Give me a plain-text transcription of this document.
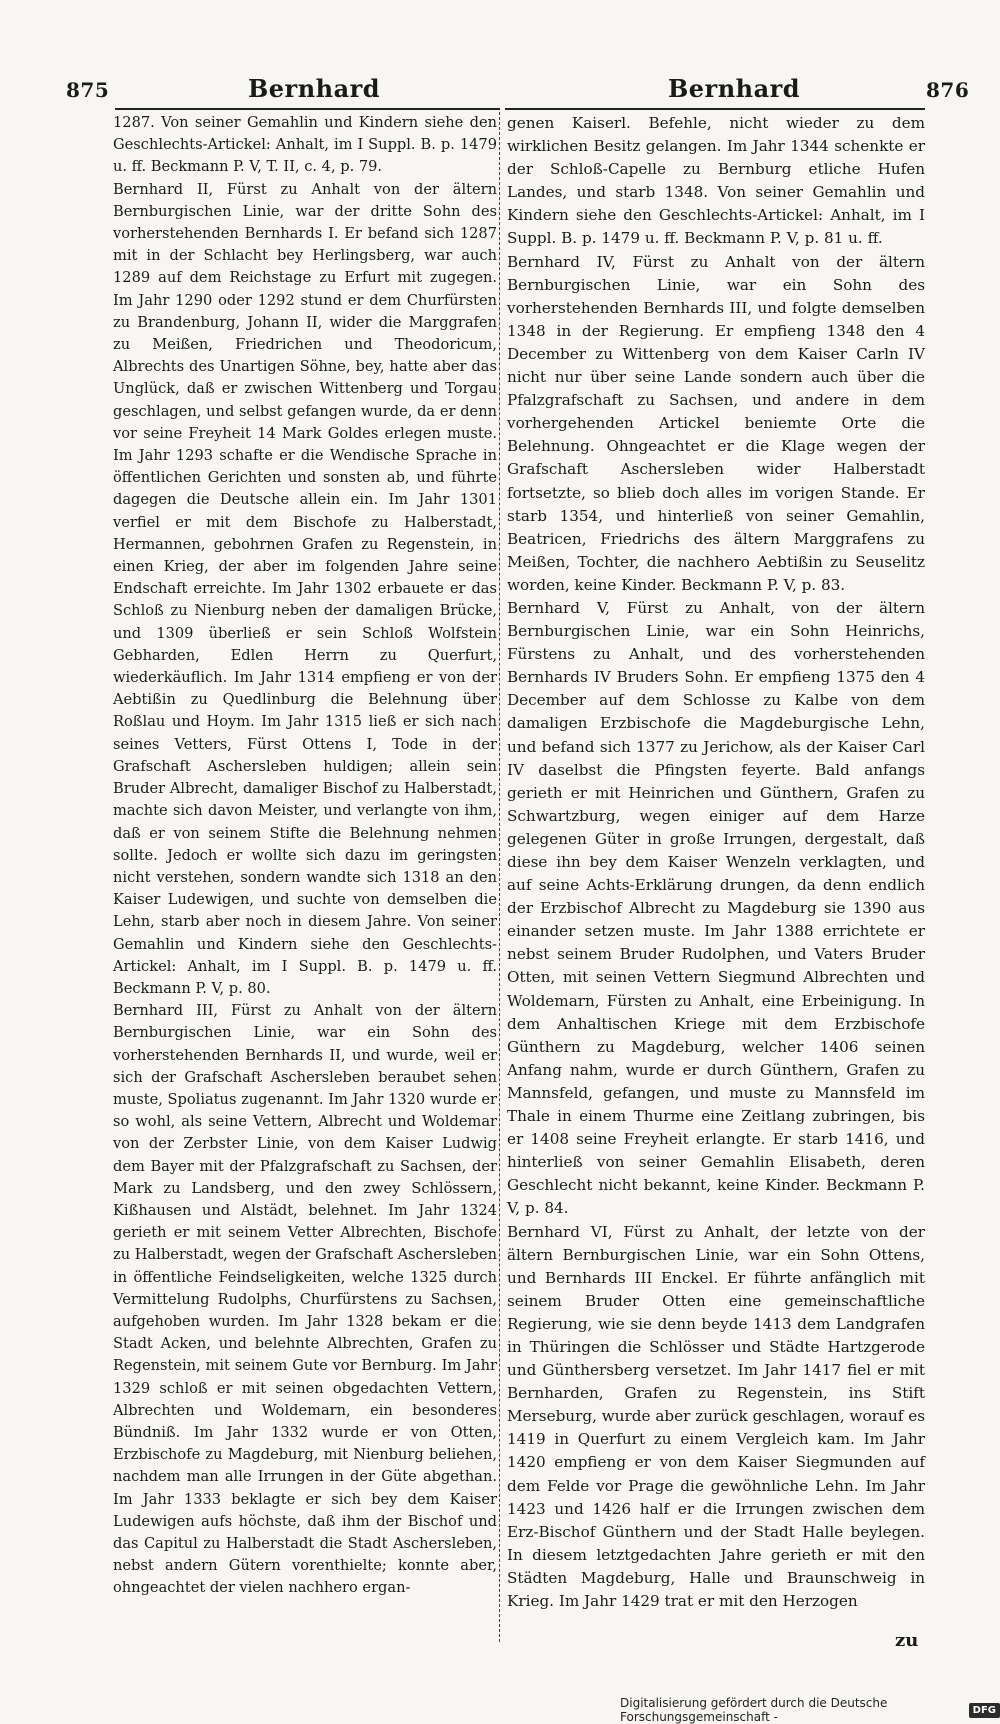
875	Bernhard	Bernhard	876

1287. Von seiner Gemahlin und Kindern siehe den Geschlechts-Artickel: Anhalt, im I Suppl. B. p. 1479 u. ff. Beckmann P. V, T. II, c. 4, p. 79.

Bernhard II, Fürst zu Anhalt von der ältern Bernburgischen Linie, war der dritte Sohn des vorherstehenden Bernhards I. Er befand sich 1287 mit in der Schlacht bey Herlingsberg, war auch 1289 auf dem Reichstage zu Erfurt mit zugegen. Im Jahr 1290 oder 1292 stund er dem Churfürsten zu Brandenburg, Johann II, wider die Marggrafen zu Meißen, Friedrichen und Theodoricum, Albrechts des Unartigen Söhne, bey, hatte aber das Unglück, daß er zwischen Wittenberg und Torgau geschlagen, und selbst gefangen wurde, da er denn vor seine Freyheit 14 Mark Goldes erlegen muste. Im Jahr 1293 schafte er die Wendische Sprache in öffentlichen Gerichten und sonsten ab, und führte dagegen die Deutsche allein ein. Im Jahr 1301 verfiel er mit dem Bischofe zu Halberstadt, Hermannen, gebohrnen Grafen zu Regenstein, in einen Krieg, der aber im folgenden Jahre seine Endschaft erreichte. Im Jahr 1302 erbauete er das Schloß zu Nienburg neben der damaligen Brücke, und 1309 überließ er sein Schloß Wolfstein Gebharden, Edlen Herrn zu Querfurt, wiederkäuflich. Im Jahr 1314 empfieng er von der Aebtißin zu Quedlinburg die Belehnung über Roßlau und Hoym. Im Jahr 1315 ließ er sich nach seines Vetters, Fürst Ottens I, Tode in der Grafschaft Aschersleben huldigen; allein sein Bruder Albrecht, damaliger Bischof zu Halberstadt, machte sich davon Meister, und verlangte von ihm, daß er von seinem Stifte die Belehnung nehmen sollte. Jedoch er wollte sich dazu im geringsten nicht verstehen, sondern wandte sich 1318 an den Kaiser Ludewigen, und suchte von demselben die Lehn, starb aber noch in diesem Jahre. Von seiner Gemahlin und Kindern siehe den Geschlechts-Artickel: Anhalt, im I Suppl. B. p. 1479 u. ff. Beckmann P. V, p. 80.

Bernhard III, Fürst zu Anhalt von der ältern Bernburgischen Linie, war ein Sohn des vorherstehenden Bernhards II, und wurde, weil er sich der Grafschaft Aschersleben beraubet sehen muste, Spoliatus zugenannt. Im Jahr 1320 wurde er so wohl, als seine Vettern, Albrecht und Woldemar von der Zerbster Linie, von dem Kaiser Ludwig dem Bayer mit der Pfalzgrafschaft zu Sachsen, der Mark zu Landsberg, und den zwey Schlössern, Kißhausen und Alstädt, belehnet. Im Jahr 1324 gerieth er mit seinem Vetter Albrechten, Bischofe zu Halberstadt, wegen der Grafschaft Aschersleben in öffentliche Feindseligkeiten, welche 1325 durch Vermittelung Rudolphs, Churfürstens zu Sachsen, aufgehoben wurden. Im Jahr 1328 bekam er die Stadt Acken, und belehnte Albrechten, Grafen zu Regenstein, mit seinem Gute vor Bernburg. Im Jahr 1329 schloß er mit seinen obgedachten Vettern, Albrechten und Woldemarn, ein besonderes Bündniß. Im Jahr 1332 wurde er von Otten, Erzbischofe zu Magdeburg, mit Nienburg beliehen, nachdem man alle Irrungen in der Güte abgethan. Im Jahr 1333 beklagte er sich bey dem Kaiser Ludewigen aufs höchste, daß ihm der Bischof und das Capitul zu Halberstadt die Stadt Aschersleben, nebst andern Gütern vorenthielte; konnte aber, ohngeachtet der vielen nachhero ergan-

genen Kaiserl. Befehle, nicht wieder zu dem wirklichen Besitz gelangen. Im Jahr 1344 schenkte er der Schloß-Capelle zu Bernburg etliche Hufen Landes, und starb 1348. Von seiner Gemahlin und Kindern siehe den Geschlechts-Artickel: Anhalt, im I Suppl. B. p. 1479 u. ff. Beckmann P. V, p. 81 u. ff.

Bernhard IV, Fürst zu Anhalt von der ältern Bernburgischen Linie, war ein Sohn des vorherstehenden Bernhards III, und folgte demselben 1348 in der Regierung. Er empfieng 1348 den 4 December zu Wittenberg von dem Kaiser Carln IV nicht nur über seine Lande sondern auch über die Pfalzgrafschaft zu Sachsen, und andere in dem vorhergehenden Artickel beniemte Orte die Belehnung. Ohngeachtet er die Klage wegen der Grafschaft Aschersleben wider Halberstadt fortsetzte, so blieb doch alles im vorigen Stande. Er starb 1354, und hinterließ von seiner Gemahlin, Beatricen, Friedrichs des ältern Marggrafens zu Meißen, Tochter, die nachhero Aebtißin zu Seuselitz worden, keine Kinder. Beckmann P. V, p. 83.

Bernhard V, Fürst zu Anhalt, von der ältern Bernburgischen Linie, war ein Sohn Heinrichs, Fürstens zu Anhalt, und des vorherstehenden Bernhards IV Bruders Sohn. Er empfieng 1375 den 4 December auf dem Schlosse zu Kalbe von dem damaligen Erzbischofe die Magdeburgische Lehn, und befand sich 1377 zu Jerichow, als der Kaiser Carl IV daselbst die Pfingsten feyerte. Bald anfangs gerieth er mit Heinrichen und Günthern, Grafen zu Schwartzburg, wegen einiger auf dem Harze gelegenen Güter in große Irrungen, dergestalt, daß diese ihn bey dem Kaiser Wenzeln verklagten, und auf seine Achts-Erklärung drungen, da denn endlich der Erzbischof Albrecht zu Magdeburg sie 1390 aus einander setzen muste. Im Jahr 1388 errichtete er nebst seinem Bruder Rudolphen, und Vaters Bruder Otten, mit seinen Vettern Siegmund Albrechten und Woldemarn, Fürsten zu Anhalt, eine Erbeinigung. In dem Anhaltischen Kriege mit dem Erzbischofe Günthern zu Magdeburg, welcher 1406 seinen Anfang nahm, wurde er durch Günthern, Grafen zu Mannsfeld, gefangen, und muste zu Mannsfeld im Thale in einem Thurme eine Zeitlang zubringen, bis er 1408 seine Freyheit erlangte. Er starb 1416, und hinterließ von seiner Gemahlin Elisabeth, deren Geschlecht nicht bekannt, keine Kinder. Beckmann P. V, p. 84.

Bernhard VI, Fürst zu Anhalt, der letzte von der ältern Bernburgischen Linie, war ein Sohn Ottens, und Bernhards III Enckel. Er führte anfänglich mit seinem Bruder Otten eine gemeinschaftliche Regierung, wie sie denn beyde 1413 dem Landgrafen in Thüringen die Schlösser und Städte Hartzgerode und Günthersberg versetzet. Im Jahr 1417 fiel er mit Bernharden, Grafen zu Regenstein, ins Stift Merseburg, wurde aber zurück geschlagen, worauf es 1419 in Querfurt zu einem Vergleich kam. Im Jahr 1420 empfieng er von dem Kaiser Siegmunden auf dem Felde vor Prage die gewöhnliche Lehn. Im Jahr 1423 und 1426 half er die Irrungen zwischen dem Erz-Bischof Günthern und der Stadt Halle beylegen. In diesem letztgedachten Jahre gerieth er mit den Städten Magdeburg, Halle und Braunschweig in Krieg. Im Jahr 1429 trat er mit den Herzogen

zu
Digitalisierung gefördert durch die Deutsche Forschungsgemeinschaft -	DFG
